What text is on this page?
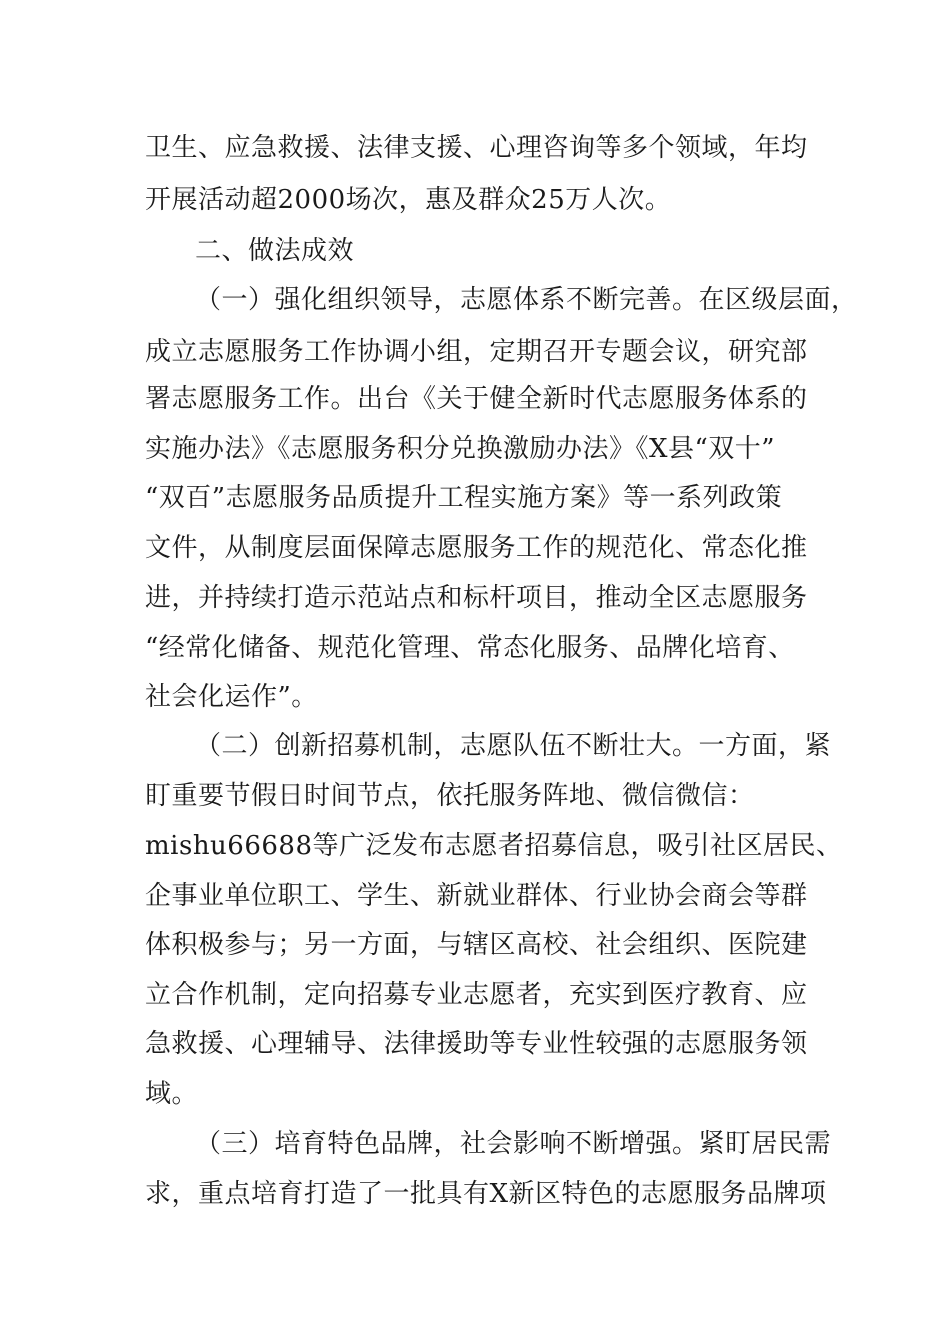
卫生、应急救援、法律支援、心理咨询等多个领域，年均
开展活动超2000场次，惠及群众25万人次。
二、做法成效
（一）强化组织领导，志愿体系不断完善。在区级层面，
成立志愿服务工作协调小组，定期召开专题会议，研究部
署志愿服务工作。出台《关于健全新时代志愿服务体系的
实施办法》《志愿服务积分兑换激励办法》《X县“双十”
“双百”志愿服务品质提升工程实施方案》等一系列政策
文件，从制度层面保障志愿服务工作的规范化、常态化推
进，并持续打造示范站点和标杆项目，推动全区志愿服务
“经常化储备、规范化管理、常态化服务、品牌化培育、
社会化运作”。
（二）创新招募机制，志愿队伍不断壮大。一方面，紧
盯重要节假日时间节点，依托服务阵地、微信微信：
mishu66688等广泛发布志愿者招募信息，吸引社区居民、
企事业单位职工、学生、新就业群体、行业协会商会等群
体积极参与；另一方面，与辖区高校、社会组织、医院建
立合作机制，定向招募专业志愿者，充实到医疗教育、应
急救援、心理辅导、法律援助等专业性较强的志愿服务领
域。
（三）培育特色品牌，社会影响不断增强。紧盯居民需
求，重点培育打造了一批具有X新区特色的志愿服务品牌项
